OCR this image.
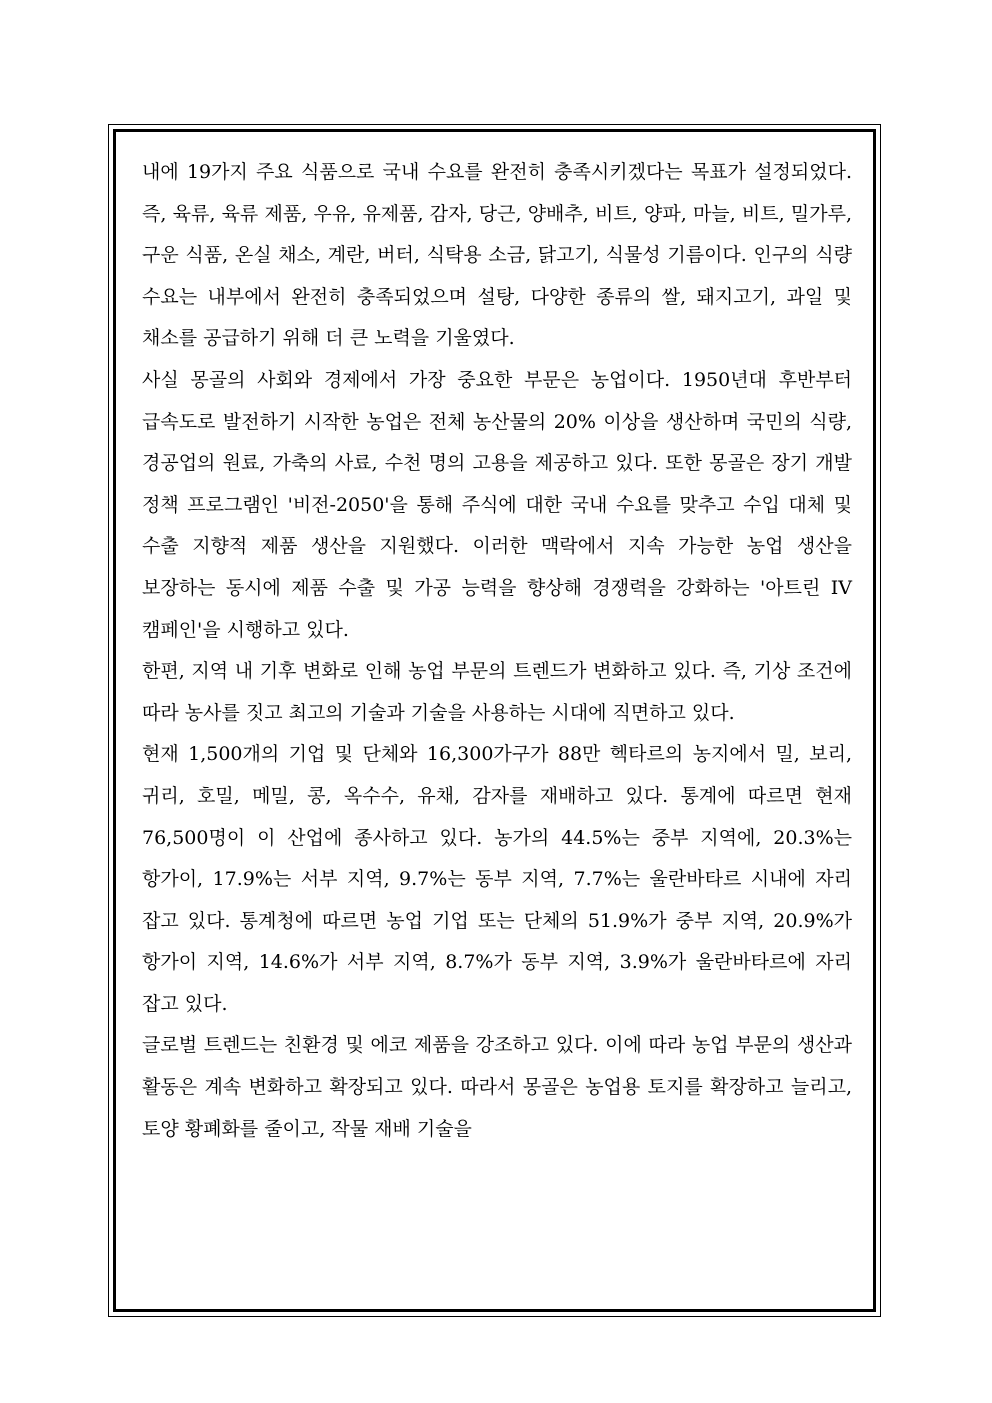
내에 19가지 주요 식품으로 국내 수요를 완전히 충족시키겠다는 목표가 설정되었다. 즉, 육류, 육류 제품, 우유, 유제품, 감자, 당근, 양배추, 비트, 양파, 마늘, 비트, 밀가루, 구운 식품, 온실 채소, 계란, 버터, 식탁용 소금, 닭고기, 식물성 기름이다. 인구의 식량 수요는 내부에서 완전히 충족되었으며 설탕, 다양한 종류의 쌀, 돼지고기, 과일 및 채소를 공급하기 위해 더 큰 노력을 기울였다.

사실 몽골의 사회와 경제에서 가장 중요한 부문은 농업이다. 1950년대 후반부터 급속도로 발전하기 시작한 농업은 전체 농산물의 20% 이상을 생산하며 국민의 식량, 경공업의 원료, 가축의 사료, 수천 명의 고용을 제공하고 있다. 또한 몽골은 장기 개발 정책 프로그램인 '비전-2050'을 통해 주식에 대한 국내 수요를 맞추고 수입 대체 및 수출 지향적 제품 생산을 지원했다. 이러한 맥락에서 지속 가능한 농업 생산을 보장하는 동시에 제품 수출 및 가공 능력을 향상해 경쟁력을 강화하는 '아트린 IV 캠페인'을 시행하고 있다.

한편, 지역 내 기후 변화로 인해 농업 부문의 트렌드가 변화하고 있다. 즉, 기상 조건에 따라 농사를 짓고 최고의 기술과 기술을 사용하는 시대에 직면하고 있다.

현재 1,500개의 기업 및 단체와 16,300가구가 88만 헥타르의 농지에서 밀, 보리, 귀리, 호밀, 메밀, 콩, 옥수수, 유채, 감자를 재배하고 있다. 통계에 따르면 현재 76,500명이 이 산업에 종사하고 있다. 농가의 44.5%는 중부 지역에, 20.3%는 항가이, 17.9%는 서부 지역, 9.7%는 동부 지역, 7.7%는 울란바타르 시내에 자리 잡고 있다. 통계청에 따르면 농업 기업 또는 단체의 51.9%가 중부 지역, 20.9%가 항가이 지역, 14.6%가 서부 지역, 8.7%가 동부 지역, 3.9%가 울란바타르에 자리 잡고 있다.

글로벌 트렌드는 친환경 및 에코 제품을 강조하고 있다. 이에 따라 농업 부문의 생산과 활동은 계속 변화하고 확장되고 있다. 따라서 몽골은 농업용 토지를 확장하고 늘리고, 토양 황폐화를 줄이고, 작물 재배 기술을
